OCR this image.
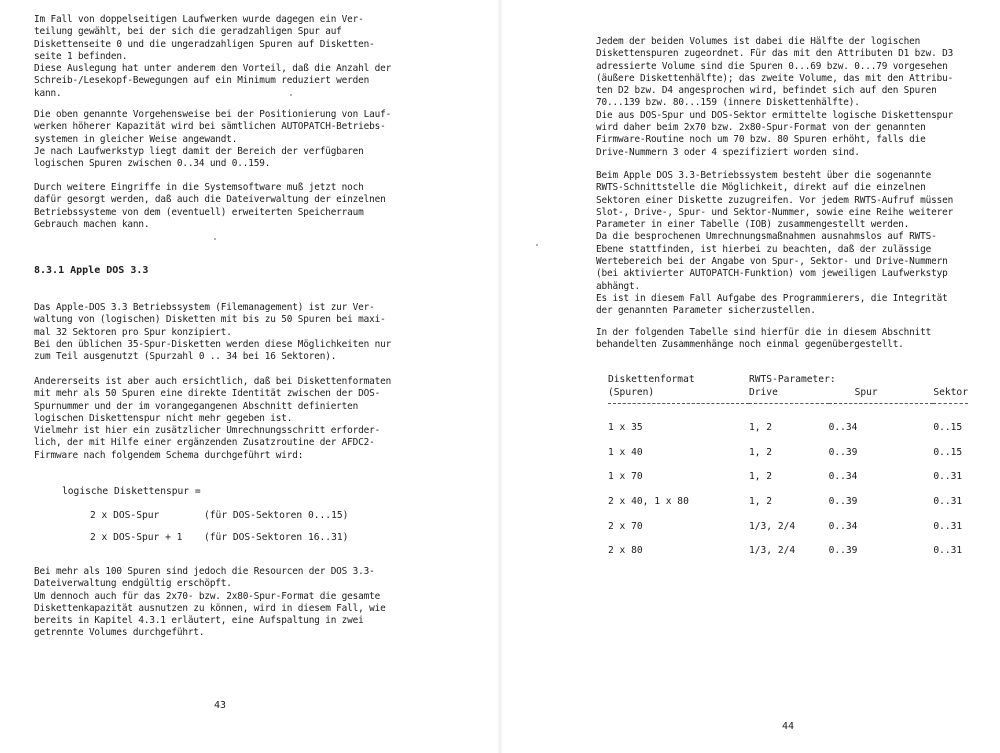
Im Fall von doppelseitigen Laufwerken wurde dagegen ein Ver-
teilung gewählt, bei der sich die geradzahligen Spur auf
Diskettenseite 0 und die ungeradzahligen Spuren auf Disketten-
seite 1 befinden.
Diese Auslegung hat unter anderem den Vorteil, daß die Anzahl der
Schreib-/Lesekopf-Bewegungen auf ein Minimum reduziert werden
kann.

Die oben genannte Vorgehensweise bei der Positionierung von Lauf-
werken höherer Kapazität wird bei sämtlichen AUTOPATCH-Betriebs-
systemen in gleicher Weise angewandt.
Je nach Laufwerkstyp liegt damit der Bereich der verfügbaren
logischen Spuren zwischen 0..34 und 0..159.

Durch weitere Eingriffe in die Systemsoftware muß jetzt noch
dafür gesorgt werden, daß auch die Dateiverwaltung der einzelnen
Betriebssysteme von dem (eventuell) erweiterten Speicherraum
Gebrauch machen kann.

8.3.1 Apple DOS 3.3

Das Apple-DOS 3.3 Betriebssystem (Filemanagement) ist zur Ver-
waltung von (logischen) Disketten mit bis zu 50 Spuren bei maxi-
mal 32 Sektoren pro Spur konzipiert.
Bei den üblichen 35-Spur-Disketten werden diese Möglichkeiten nur
zum Teil ausgenutzt (Spurzahl 0 .. 34 bei 16 Sektoren).

Andererseits ist aber auch ersichtlich, daß bei Diskettenformaten
mit mehr als 50 Spuren eine direkte Identität zwischen der DOS-
Spurnummer und der im vorangegangenen Abschnitt definierten
logischen Diskettenspur nicht mehr gegeben ist.
Vielmehr ist hier ein zusätzlicher Umrechnungsschritt erforder-
lich, der mit Hilfe einer ergänzenden Zusatzroutine der AFDC2-
Firmware nach folgendem Schema durchgeführt wird:

logische Diskettenspur =

2 x DOS-Spur	(für DOS-Sektoren 0...15)

2 x DOS-Spur + 1 (für DOS-Sektoren 16..31)

Bei mehr als 100 Spuren sind jedoch die Resourcen der DOS 3.3-
Dateiverwaltung endgültig erschöpft.
Um dennoch auch für das 2x70- bzw. 2x80-Spur-Format die gesamte
Diskettenkapazität ausnutzen zu können, wird in diesem Fall, wie
bereits in Kapitel 4.3.1 erläutert, eine Aufspaltung in zwei
getrennte Volumes durchgeführt.

43

Jedem der beiden Volumes ist dabei die Hälfte der logischen
Diskettenspuren zugeordnet. Für das mit den Attributen D1 bzw. D3
adressierte Volume sind die Spuren 0...69 bzw. 0...79 vorgesehen
(äußere Diskettenhälfte); das zweite Volume, das mit den Attribu-
ten D2 bzw. D4 angesprochen wird, befindet sich auf den Spuren
70...139 bzw. 80...159 (innere Diskettenhälfte).
Die aus DOS-Spur und DOS-Sektor ermittelte logische Diskettenspur
wird daher beim 2x70 bzw. 2x80-Spur-Format von der genannten
Firmware-Routine noch um 70 bzw. 80 Spuren erhöht, falls die
Drive-Nummern 3 oder 4 spezifiziert worden sind.

Beim Apple DOS 3.3-Betriebssystem besteht über die sogenannte
RWTS-Schnittstelle die Möglichkeit, direkt auf die einzelnen
Sektoren einer Diskette zuzugreifen. Vor jedem RWTS-Aufruf müssen
Slot-, Drive-, Spur- und Sektor-Nummer, sowie eine Reihe weiterer
Parameter in einer Tabelle (IOB) zusammengestellt werden.
Da die besprochenen Umrechnungsmaßnahmen ausnahmslos auf RWTS-
Ebene stattfinden, ist hierbei zu beachten, daß der zulässige
Wertebereich bei der Angabe von Spur-, Sektor- und Drive-Nummern
(bei aktivierter AUTOPATCH-Funktion) vom jeweiligen Laufwerkstyp
abhängt.
Es ist in diesem Fall Aufgabe des Programmierers, die Integrität
der genannten Parameter sicherzustellen.

In der folgenden Tabelle sind hierfür die in diesem Abschnitt
behandelten Zusammenhänge noch einmal gegenübergestellt.

Diskettenformat	RWTS-Parameter:		
(Spuren)	Drive	Spur	Sektor
1 x 35	1, 2	0..34	0..15
1 x 40	1, 2	0..39	0..15
1 x 70	1, 2	0..34	0..31
2 x 40, 1 x 80	1, 2	0..39	0..31
2 x 70	1/3, 2/4	0..34	0..31
2 x 80	1/3, 2/4	0..39	0..31

44
